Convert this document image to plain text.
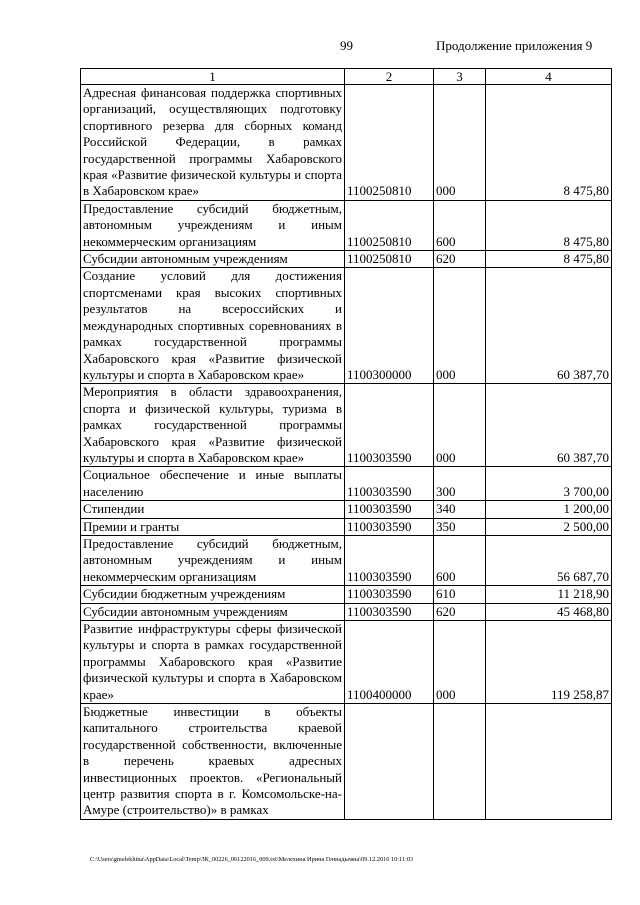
99	Продолжение приложения 9
1	2	3	4
Адресная финансовая поддержка спортивных организаций, осуществляющих подготовку спортивного резерва для сборных команд Российской Федерации, в рамках государственной программы Хабаровского края «Развитие физической культуры и спорта в Хабаровском крае»	1100250810	000	8 475,80
Предоставление субсидий бюджетным, автономным учреждениям и иным некоммерческим организациям	1100250810	600	8 475,80
Субсидии автономным учреждениям	1100250810	620	8 475,80
Создание условий для достижения спортсменами края высоких спортивных результатов на всероссийских и международных спортивных соревнованиях в рамках государственной программы Хабаровского края «Развитие физической культуры и спорта в Хабаровском крае»	1100300000	000	60 387,70
Мероприятия в области здравоохранения, спорта и физической культуры, туризма в рамках государственной программы Хабаровского края «Развитие физической культуры и спорта в Хабаровском крае»	1100303590	000	60 387,70
Социальное обеспечение и иные выплаты населению	1100303590	300	3 700,00
Стипендии	1100303590	340	1 200,00
Премии и гранты	1100303590	350	2 500,00
Предоставление субсидий бюджетным, автономным учреждениям и иным некоммерческим организациям	1100303590	600	56 687,70
Субсидии бюджетным учреждениям	1100303590	610	11 218,90
Субсидии автономным учреждениям	1100303590	620	45 468,80
Развитие инфраструктуры сферы физической культуры и спорта в рамках государственной программы Хабаровского края «Развитие физической культуры и спорта в Хабаровском крае»	1100400000	000	119 258,87
Бюджетные инвестиции в объекты капитального строительства краевой государственной собственности, включенные в перечень краевых адресных инвестиционных проектов. «Региональный центр развития спорта в г. Комсомольске-на-Амуре (строительство)» в рамках			
C:\Users\gmelekhina\AppData\Local\Temp\ЗК_00226_06122016_009.txt\Мелехина Ирина Геннадьевна\09.12.2016 10:11:03
